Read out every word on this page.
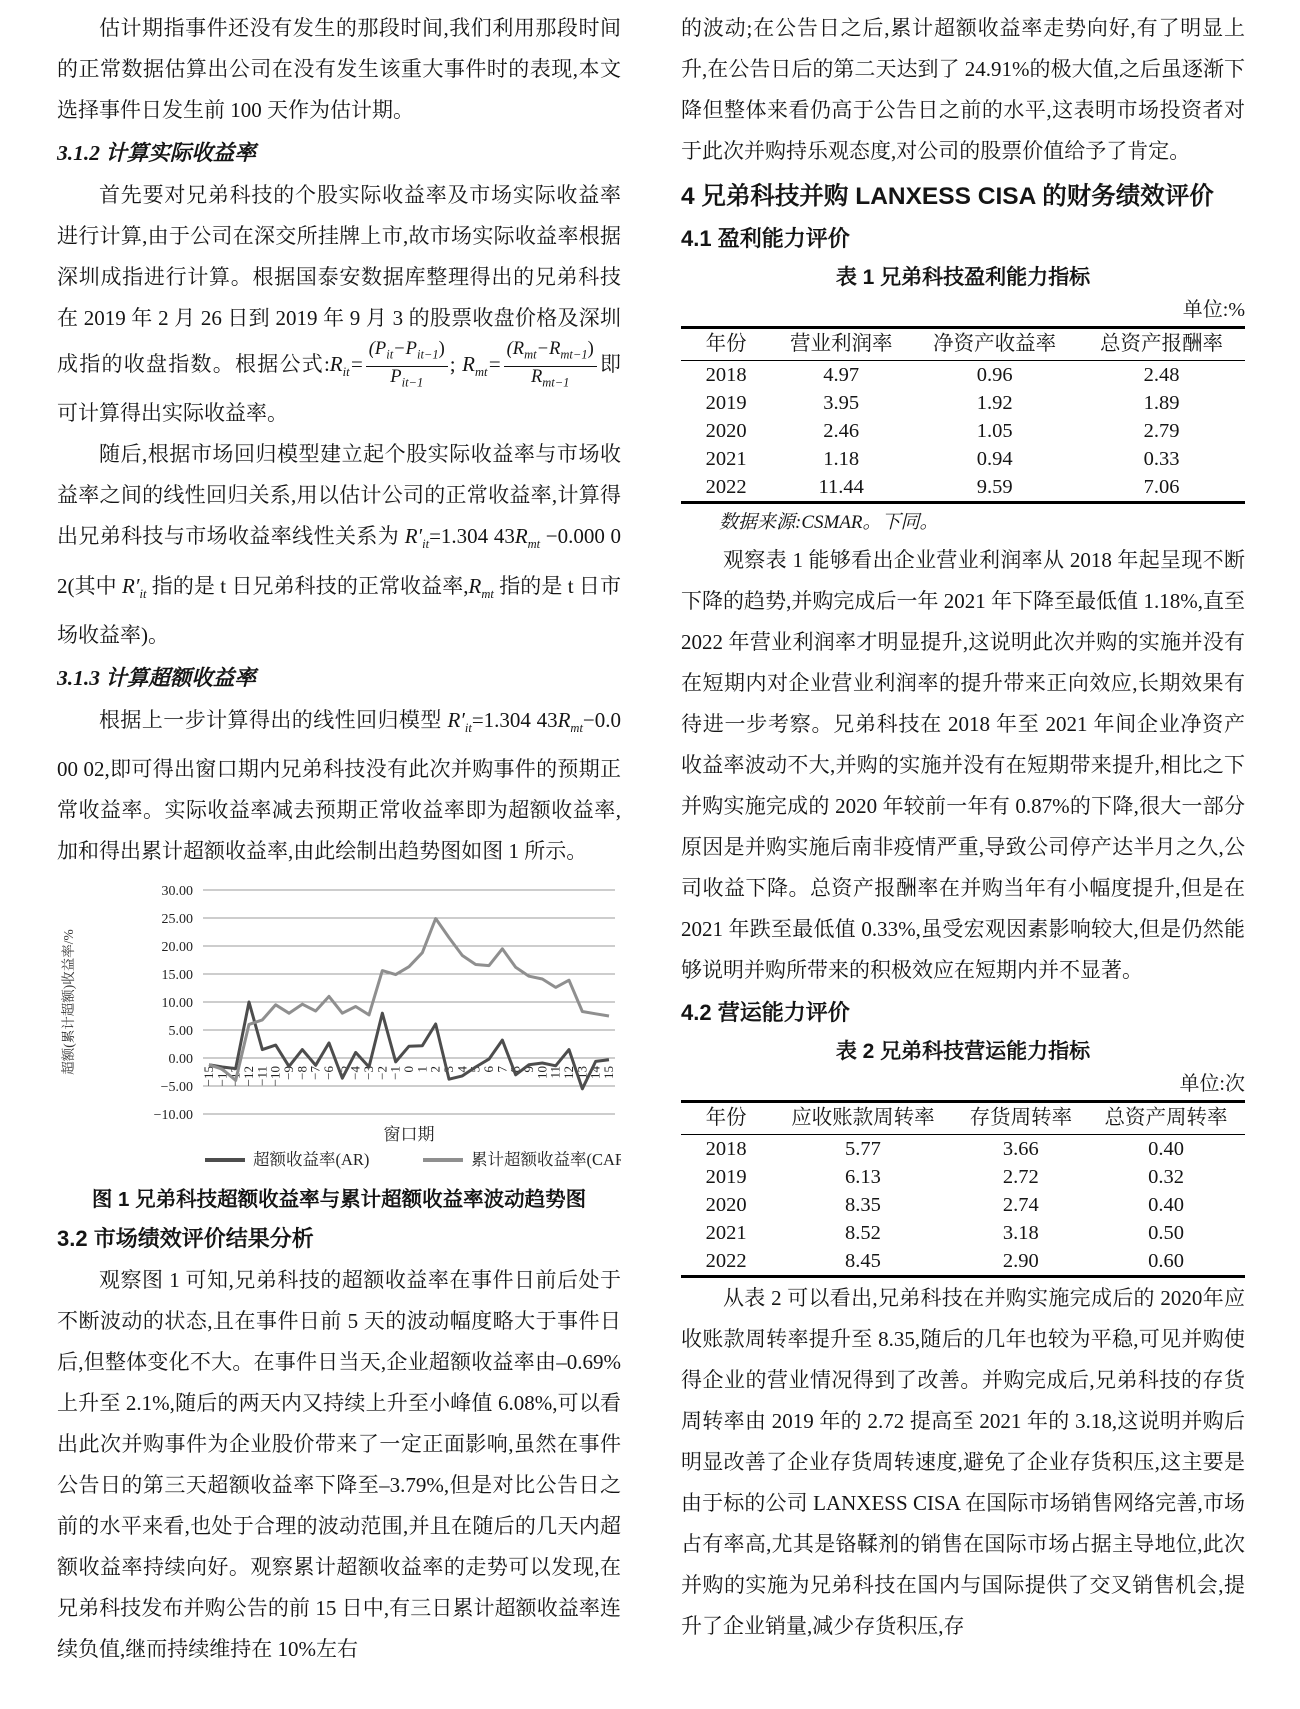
估计期指事件还没有发生的那段时间,我们利用那段时间的正常数据估算出公司在没有发生该重大事件时的表现,本文选择事件日发生前 100 天作为估计期。

3.1.2 计算实际收益率

首先要对兄弟科技的个股实际收益率及市场实际收益率进行计算,由于公司在深交所挂牌上市,故市场实际收益率根据深圳成指进行计算。根据国泰安数据库整理得出的兄弟科技在 2019 年 2 月 26 日到 2019 年 9 月 3 的股票收盘价格及深圳成指的收盘指数。根据公式$:R_{it}= \frac{(P_{it}-P_{it-1})}{P_{it-1}}$ ; $R_{mt}= \frac{(R_{mt}-R_{mt-1})}{R_{mt-1}}$ 即可计算得出实际收益率。

随后,根据市场回归模型建立起个股实际收益率与市场收益率之间的线性回归关系,用以估计公司的正常收益率,计算得出兄弟科技与市场收益率线性关系为 $R'_{it}=1.304$ $43R_{mt} -0.000$ 02(其中 $R'_{it}$ 指的是 t 日兄弟科技的正常收益率$,R_{mt}$ 指的是 t 日市场收益率)。

3.1.3 计算超额收益率

根据上一步计算得出的线性回归模型 $R'_{it}=1.304$ $43R_{mt}-0.000$ 02,即可得出窗口期内兄弟科技没有此次并购事件的预期正常收益率。实际收益率减去预期正常收益率即为超额收益率,加和得出累计超额收益率,由此绘制出趋势图如图 1 所示。

30.00
25.00
20.00
15.00
10.00
5.00
0.00
−5.00
−10.00
−15
−14
−13
−12
−11
−10
−9
−8
−7
−6
−5
−4
−3
−2
−1
0
1
2
3
4
5
6
7
8
9
10
11
12
13
14
15
超额(累计超额)收益率/%
窗口期
超额收益率(AR)	累计超额收益率(CAR)

图 1 兄弟科技超额收益率与累计超额收益率波动趋势图

3.2 市场绩效评价结果分析

观察图 1 可知,兄弟科技的超额收益率在事件日前后处于不断波动的状态,且在事件日前 5 天的波动幅度略大于事件日后,但整体变化不大。在事件日当天,企业超额收益率由–0.69%上升至 2.1%,随后的两天内又持续上升至小峰值 6.08%,可以看出此次并购事件为企业股价带来了一定正面影响,虽然在事件公告日的第三天超额收益率下降至–3.79%,但是对比公告日之前的水平来看,也处于合理的波动范围,并且在随后的几天内超额收益率持续向好。观察累计超额收益率的走势可以发现,在兄弟科技发布并购公告的前 15 日中,有三日累计超额收益率连续负值,继而持续维持在 10%左右

的波动;在公告日之后,累计超额收益率走势向好,有了明显上升,在公告日后的第二天达到了 24.91%的极大值,之后虽逐渐下降但整体来看仍高于公告日之前的水平,这表明市场投资者对于此次并购持乐观态度,对公司的股票价值给予了肯定。

4 兄弟科技并购 LANXESS CISA 的财务绩效评价
4.1 盈利能力评价

表 1 兄弟科技盈利能力指标

单位:%

年份	营业利润率	净资产收益率	总资产报酬率
2018	4.97	0.96	2.48
2019	3.95	1.92	1.89
2020	2.46	1.05	2.79
2021	1.18	0.94	0.33
2022	11.44	9.59	7.06

数据来源:CSMAR。下同。

观察表 1 能够看出企业营业利润率从 2018 年起呈现不断下降的趋势,并购完成后一年 2021 年下降至最低值 1.18%,直至 2022 年营业利润率才明显提升,这说明此次并购的实施并没有在短期内对企业营业利润率的提升带来正向效应,长期效果有待进一步考察。兄弟科技在 2018 年至 2021 年间企业净资产收益率波动不大,并购的实施并没有在短期带来提升,相比之下并购实施完成的 2020 年较前一年有 0.87%的下降,很大一部分原因是并购实施后南非疫情严重,导致公司停产达半月之久,公司收益下降。总资产报酬率在并购当年有小幅度提升,但是在 2021 年跌至最低值 0.33%,虽受宏观因素影响较大,但是仍然能够说明并购所带来的积极效应在短期内并不显著。

4.2 营运能力评价

表 2 兄弟科技营运能力指标

单位:次

年份	应收账款周转率	存货周转率	总资产周转率
2018	5.77	3.66	0.40
2019	6.13	2.72	0.32
2020	8.35	2.74	0.40
2021	8.52	3.18	0.50
2022	8.45	2.90	0.60

从表 2 可以看出,兄弟科技在并购实施完成后的 2020年应收账款周转率提升至 8.35,随后的几年也较为平稳,可见并购使得企业的营业情况得到了改善。并购完成后,兄弟科技的存货周转率由 2019 年的 2.72 提高至 2021 年的 3.18,这说明并购后明显改善了企业存货周转速度,避免了企业存货积压,这主要是由于标的公司 LANXESS CISA 在国际市场销售网络完善,市场占有率高,尤其是铬鞣剂的销售在国际市场占据主导地位,此次并购的实施为兄弟科技在国内与国际提供了交叉销售机会,提升了企业销量,减少存货积压,存
